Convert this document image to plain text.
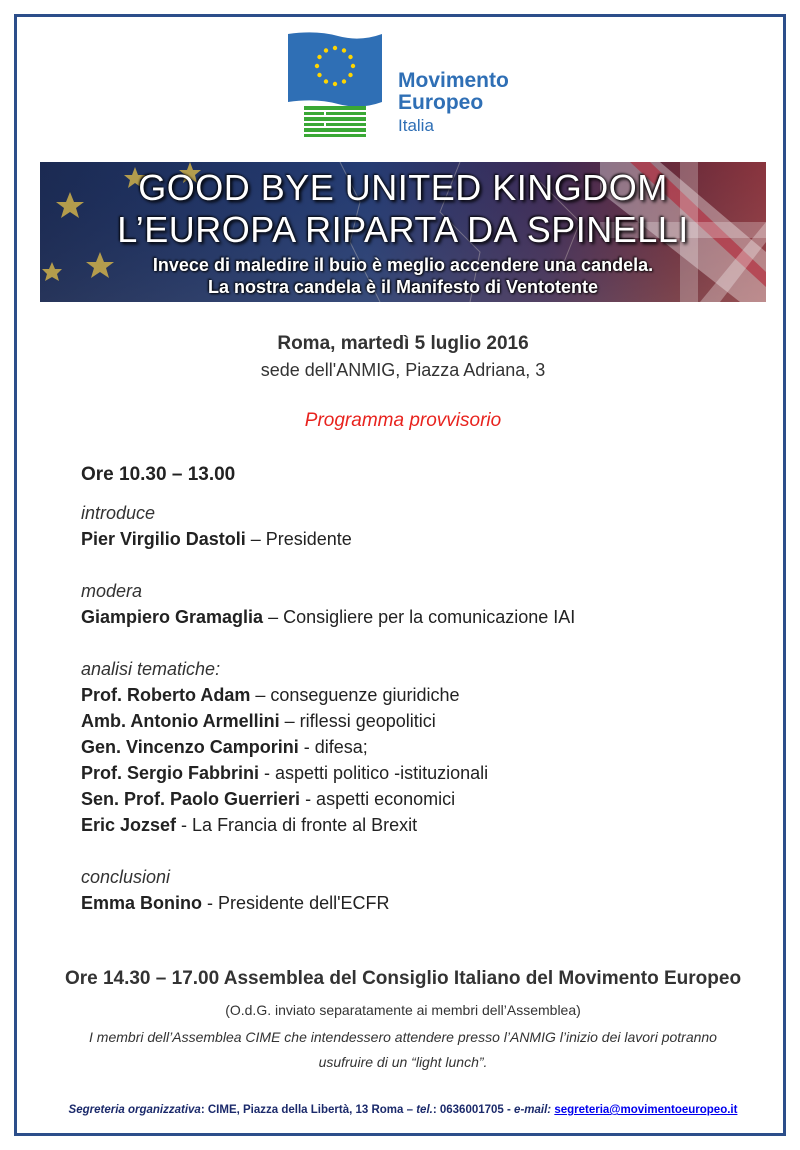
Movimento
Europeo
Italia
GOOD BYE UNITED KINGDOM
L’EUROPA RIPARTA DA SPINELLI
Invece di maledire il buio è meglio accendere una candela.
La nostra candela è il Manifesto di Ventotente
Roma, martedì 5 luglio 2016
sede dell'ANMIG, Piazza Adriana, 3
Programma provvisorio
Ore 10.30 – 13.00
introduce
Pier Virgilio Dastoli – Presidente
modera
Giampiero Gramaglia – Consigliere per la comunicazione IAI
analisi tematiche:
Prof. Roberto Adam – conseguenze giuridiche
Amb. Antonio Armellini – riflessi geopolitici
Gen. Vincenzo Camporini - difesa;
Prof. Sergio Fabbrini - aspetti politico -istituzionali
Sen. Prof. Paolo Guerrieri - aspetti economici
Eric Jozsef - La Francia di fronte al Brexit
conclusioni
Emma Bonino - Presidente dell'ECFR
Ore 14.30 – 17.00 Assemblea del Consiglio Italiano del Movimento Europeo
(O.d.G. inviato separatamente ai membri dell’Assemblea)
I membri dell’Assemblea CIME che intendessero attendere presso l’ANMIG l’inizio dei lavori potranno
usufruire di un “light lunch”.
Segreteria organizzativa: CIME, Piazza della Libertà, 13 Roma – tel.: 0636001705 - e-mail: segreteria@movimentoeuropeo.it
